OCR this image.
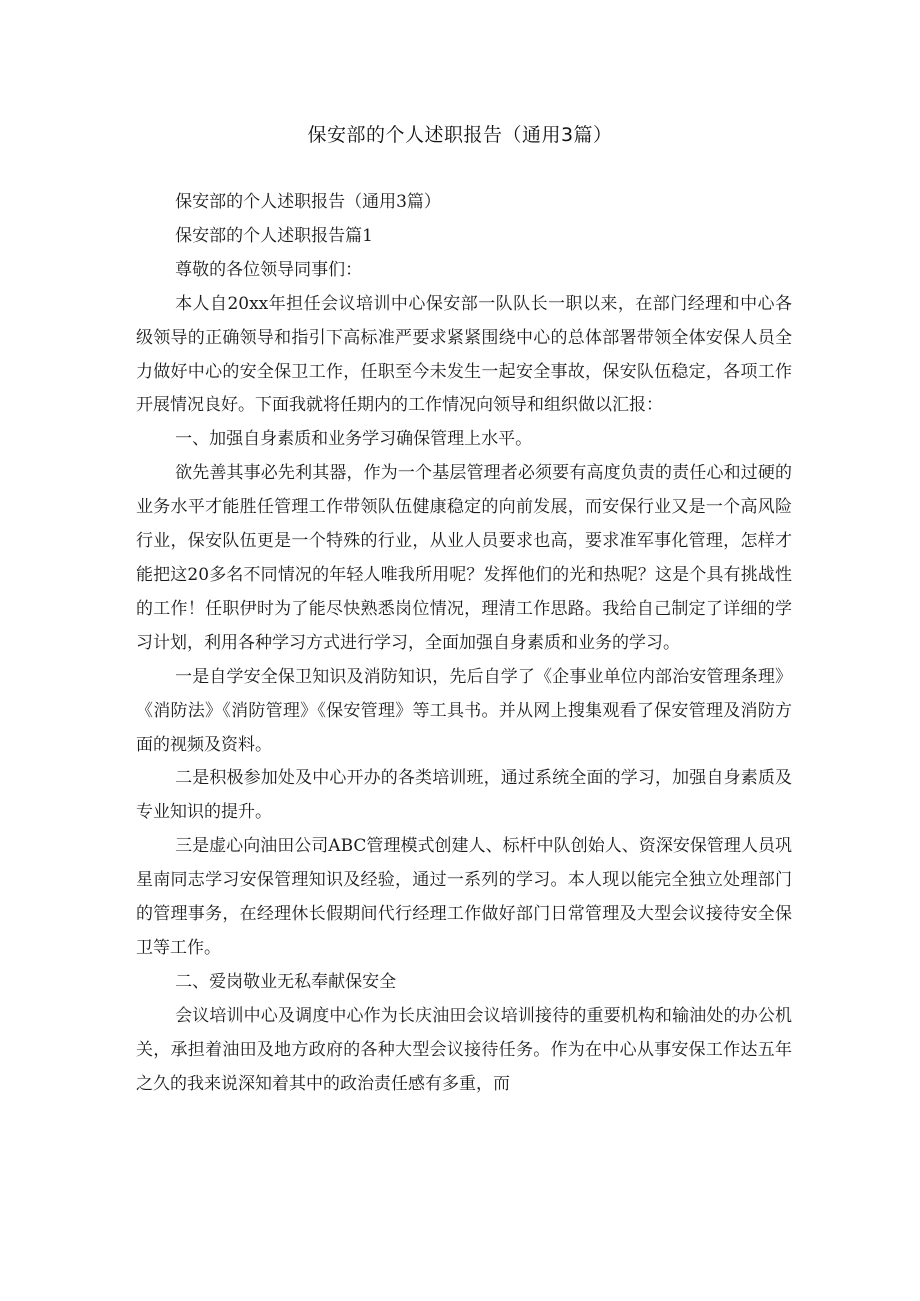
保安部的个人述职报告（通用3篇）

保安部的个人述职报告（通用3篇）

保安部的个人述职报告篇1

尊敬的各位领导同事们：

本人自20xx年担任会议培训中心保安部一队队长一职以来，在部门经理和中心各级领导的正确领导和指引下高标准严要求紧紧围绕中心的总体部署带领全体安保人员全力做好中心的安全保卫工作，任职至今未发生一起安全事故，保安队伍稳定，各项工作开展情况良好。下面我就将任期内的工作情况向领导和组织做以汇报：

一、加强自身素质和业务学习确保管理上水平。

欲先善其事必先利其器，作为一个基层管理者必须要有高度负责的责任心和过硬的业务水平才能胜任管理工作带领队伍健康稳定的向前发展，而安保行业又是一个高风险行业，保安队伍更是一个特殊的行业，从业人员要求也高，要求准军事化管理，怎样才能把这20多名不同情况的年轻人唯我所用呢？发挥他们的光和热呢？这是个具有挑战性的工作！任职伊时为了能尽快熟悉岗位情况，理清工作思路。我给自己制定了详细的学习计划，利用各种学习方式进行学习，全面加强自身素质和业务的学习。

一是自学安全保卫知识及消防知识，先后自学了《企事业单位内部治安管理条理》《消防法》《消防管理》《保安管理》等工具书。并从网上搜集观看了保安管理及消防方面的视频及资料。

二是积极参加处及中心开办的各类培训班，通过系统全面的学习，加强自身素质及专业知识的提升。

三是虚心向油田公司ABC管理模式创建人、标杆中队创始人、资深安保管理人员巩星南同志学习安保管理知识及经验，通过一系列的学习。本人现以能完全独立处理部门的管理事务，在经理休长假期间代行经理工作做好部门日常管理及大型会议接待安全保卫等工作。

二、爱岗敬业无私奉献保安全

会议培训中心及调度中心作为长庆油田会议培训接待的重要机构和输油处的办公机关，承担着油田及地方政府的各种大型会议接待任务。作为在中心从事安保工作达五年之久的我来说深知着其中的政治责任感有多重，而
